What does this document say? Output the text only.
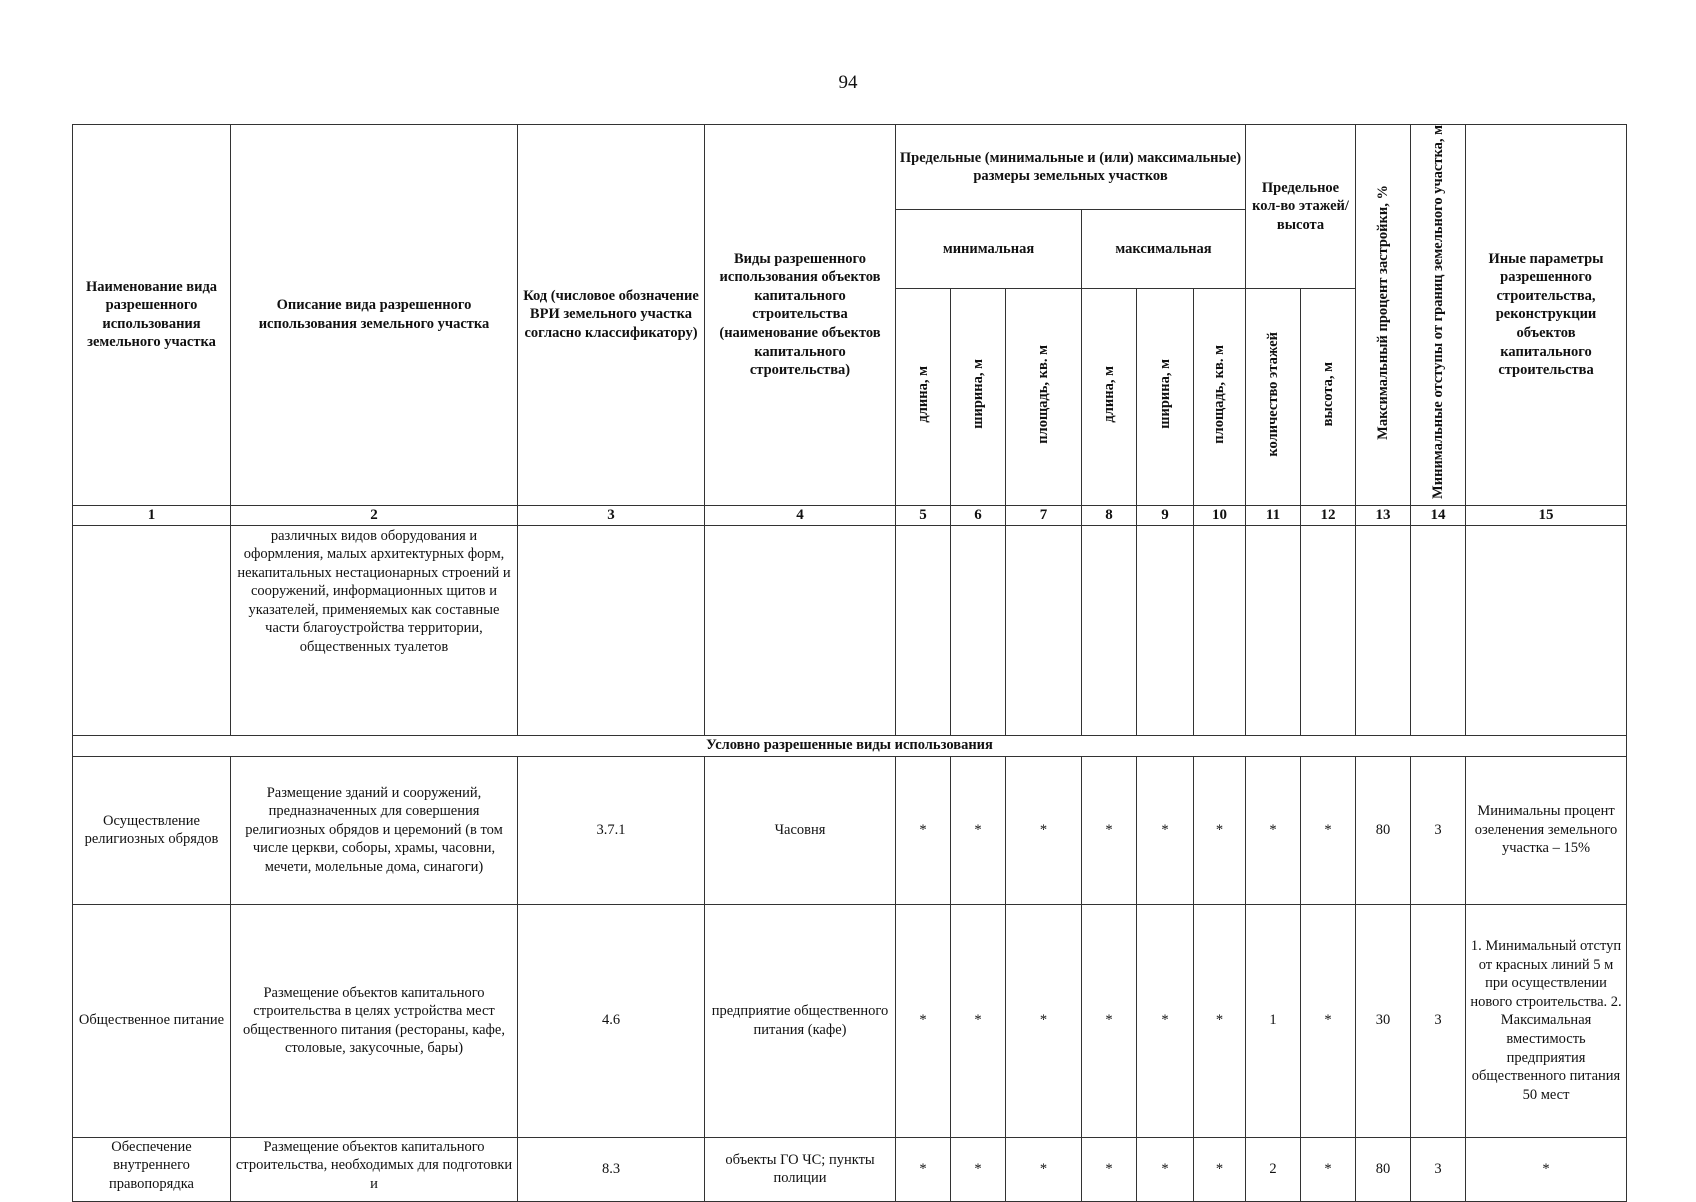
94
Наименование вида разрешенного использования земельного участка	Описание вида разрешенного использования земельного участка	Код (числовое обозначение ВРИ земельного участка согласно классификатору)	Виды разрешенного использования объектов капитального строительства (наименование объектов капитального строительства)	Предельные (минимальные и (или) максимальные) размеры земельных участков						Предельное кол-во этажей/высота		Максимальный процент застройки, %	Минимальные отступы от границ земельного участка, м	Иные параметры разрешенного строительства, реконструкции объектов капитального строительства
				минимальная			максимальная							
				длина, м	ширина, м	площадь, кв. м	длина, м	ширина, м	площадь, кв. м	количество этажей	высота, м			
1	2	3	4	5	6	7	8	9	10	11	12	13	14	15
	различных видов оборудования и оформления, малых архитектурных форм, некапитальных нестационарных строений и сооружений, информационных щитов и указателей, применяемых как составные части благоустройства территории, общественных туалетов													
Условно разрешенные виды использования														
Осуществление религиозных обрядов	Размещение зданий и сооружений, предназначенных для совершения религиозных обрядов и церемоний (в том числе церкви, соборы, храмы, часовни, мечети, молельные дома, синагоги)	3.7.1	Часовня	*	*	*	*	*	*	*	*	80	3	Минимальны процент озеленения земельного участка – 15%
Общественное питание	Размещение объектов капитального строительства в целях устройства мест общественного питания (рестораны, кафе, столовые, закусочные, бары)	4.6	предприятие общественного питания (кафе)	*	*	*	*	*	*	1	*	30	3	1. Минимальный отступ от красных линий 5 м при осуществлении нового строительства. 2. Максимальная вместимость предприятия общественного питания 50 мест
Обеспечение внутреннего правопорядка	Размещение объектов капитального строительства, необходимых для подготовки и	8.3	объекты ГО ЧС; пункты полиции	*	*	*	*	*	*	2	*	80	3	*
